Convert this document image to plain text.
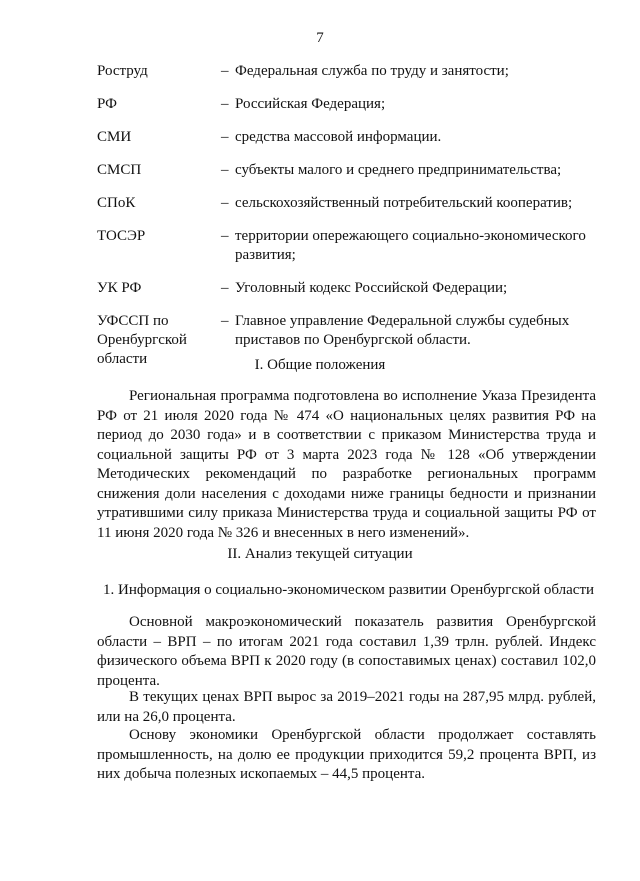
7
Роструд	– Федеральная служба по труду и занятости;
РФ	– Российская Федерация;
СМИ	– средства массовой информации.
СМСП	– субъекты малого и среднего предпринимательства;
СПоК	– сельскохозяйственный потребительский кооператив;
ТОСЭР	– территории опережающего социально-экономического развития;
УК РФ	– Уголовный кодекс Российской Федерации;
УФССП по Оренбургской области
– Главное управление Федеральной службы судебных приставов по Оренбургской области.
I. Общие положения
Региональная программа подготовлена во исполнение Указа Президента РФ от 21 июля 2020 года № 474 «О национальных целях развития РФ на период до 2030 года» и в соответствии с приказом Министерства труда и социальной защиты РФ от 3 марта 2023 года № 128 «Об утверждении Методических рекомендаций по разработке региональных программ снижения доли населения с доходами ниже границы бедности и признании утратившими силу приказа Министерства труда и социальной защиты РФ от 11 июня 2020 года № 326 и внесенных в него изменений».
II. Анализ текущей ситуации
1. Информация о социально-экономическом развитии Оренбургской области
Основной макроэкономический показатель развития Оренбургской области – ВРП – по итогам 2021 года составил 1,39 трлн. рублей. Индекс физического объема ВРП к 2020 году (в сопоставимых ценах) составил 102,0 процента.
В текущих ценах ВРП вырос за 2019–2021 годы на 287,95 млрд. рублей, или на 26,0 процента.
Основу экономики Оренбургской области продолжает составлять промышленность, на долю ее продукции приходится 59,2 процента ВРП, из них добыча полезных ископаемых – 44,5 процента.
